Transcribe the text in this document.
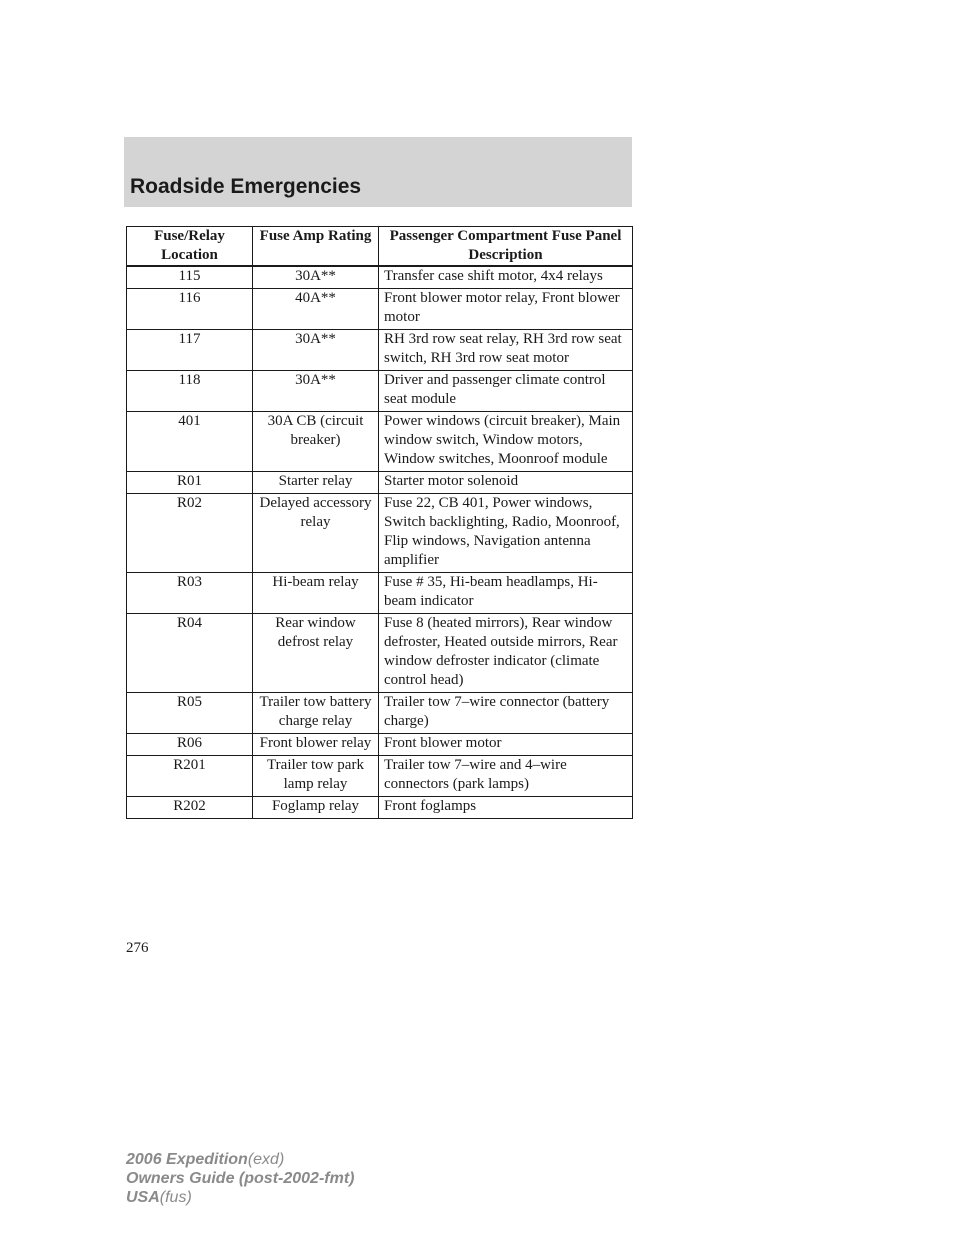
Roadside Emergencies
Fuse/Relay Location	Fuse Amp Rating	Passenger Compartment Fuse Panel Description
115	30A**	Transfer case shift motor, 4x4 relays
116	40A**	Front blower motor relay, Front blower motor
117	30A**	RH 3rd row seat relay, RH 3rd row seat switch, RH 3rd row seat motor
118	30A**	Driver and passenger climate control seat module
401	30A CB (circuit breaker)	Power windows (circuit breaker), Main window switch, Window motors, Window switches, Moonroof module
R01	Starter relay	Starter motor solenoid
R02	Delayed accessory relay	Fuse 22, CB 401, Power windows, Switch backlighting, Radio, Moonroof, Flip windows, Navigation antenna amplifier
R03	Hi-beam relay	Fuse # 35, Hi-beam headlamps, Hi-beam indicator
R04	Rear window defrost relay	Fuse 8 (heated mirrors), Rear window defroster, Heated outside mirrors, Rear window defroster indicator (climate control head)
R05	Trailer tow battery charge relay	Trailer tow 7–wire connector (battery charge)
R06	Front blower relay	Front blower motor
R201	Trailer tow park lamp relay	Trailer tow 7–wire and 4–wire connectors (park lamps)
R202	Foglamp relay	Front foglamps
276
2006 Expedition(exd)
Owners Guide (post-2002-fmt)
USA(fus)
